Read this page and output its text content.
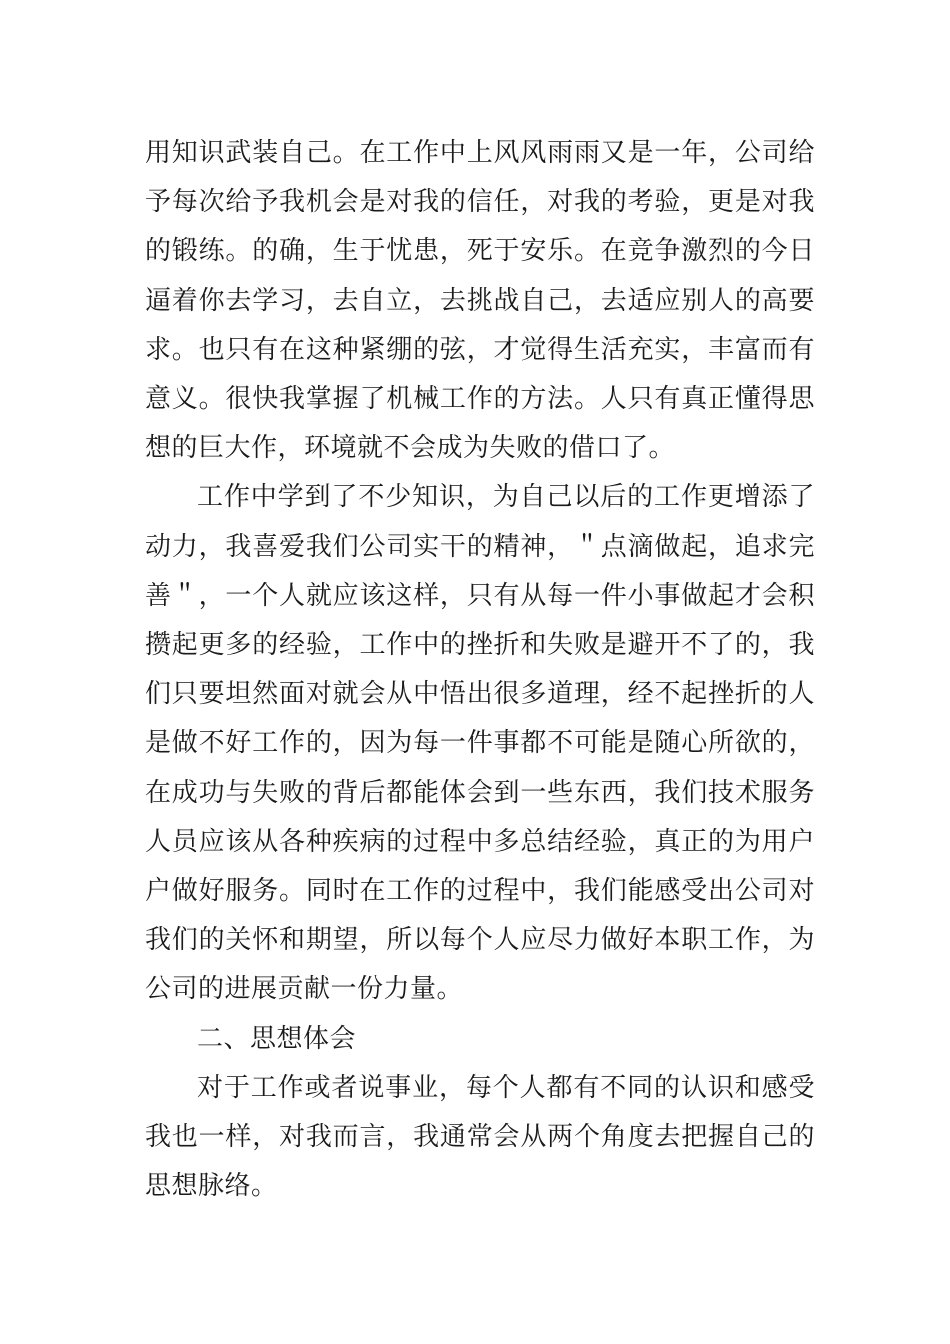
用知识武装自己。在工作中上风风雨雨又是一年，公司给予每次给予我机会是对我的信任，对我的考验，更是对我的锻练。的确，生于忧患，死于安乐。在竞争激烈的今日逼着你去学习，去自立，去挑战自己，去适应别人的高要求。也只有在这种紧绷的弦，才觉得生活充实，丰富而有意义。很快我掌握了机械工作的方法。人只有真正懂得思想的巨大作，环境就不会成为失败的借口了。

工作中学到了不少知识，为自己以后的工作更增添了动力，我喜爱我们公司实干的精神，＂点滴做起，追求完善＂，一个人就应该这样，只有从每一件小事做起才会积攒起更多的经验，工作中的挫折和失败是避开不了的，我们只要坦然面对就会从中悟出很多道理，经不起挫折的人是做不好工作的，因为每一件事都不可能是随心所欲的，在成功与失败的背后都能体会到一些东西，我们技术服务人员应该从各种疾病的过程中多总结经验，真正的为用户户做好服务。同时在工作的过程中，我们能感受出公司对我们的关怀和期望，所以每个人应尽力做好本职工作，为公司的进展贡献一份力量。

二、思想体会

对于工作或者说事业，每个人都有不同的认识和感受我也一样，对我而言，我通常会从两个角度去把握自己的思想脉络。
